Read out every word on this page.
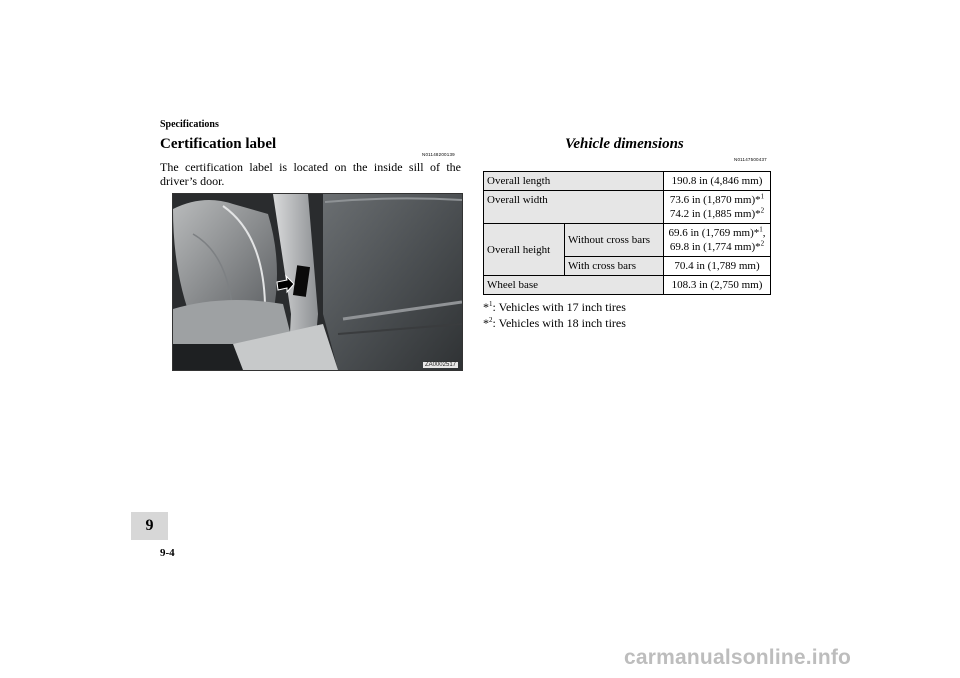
Specifications
Certification label
N01148200139
The certification label is located on the inside sill of the driver’s door.
ZA0002517
Vehicle dimensions
N01147500437
Overall length		190.8 in (4,846 mm)
Overall width		73.6 in (1,870 mm)*$^1$
74.2 in (1,885 mm)*$^2$
Overall height	Without cross bars	69.6 in (1,769 mm)*$^1$,
69.8 in (1,774 mm)*$^2$
	With cross bars	70.4 in (1,789 mm)
Wheel base		108.3 in (2,750 mm)
*$^1$: Vehicles with 17 inch tires
*$^2$: Vehicles with 18 inch tires
9
9-4
carmanualsonline.info
